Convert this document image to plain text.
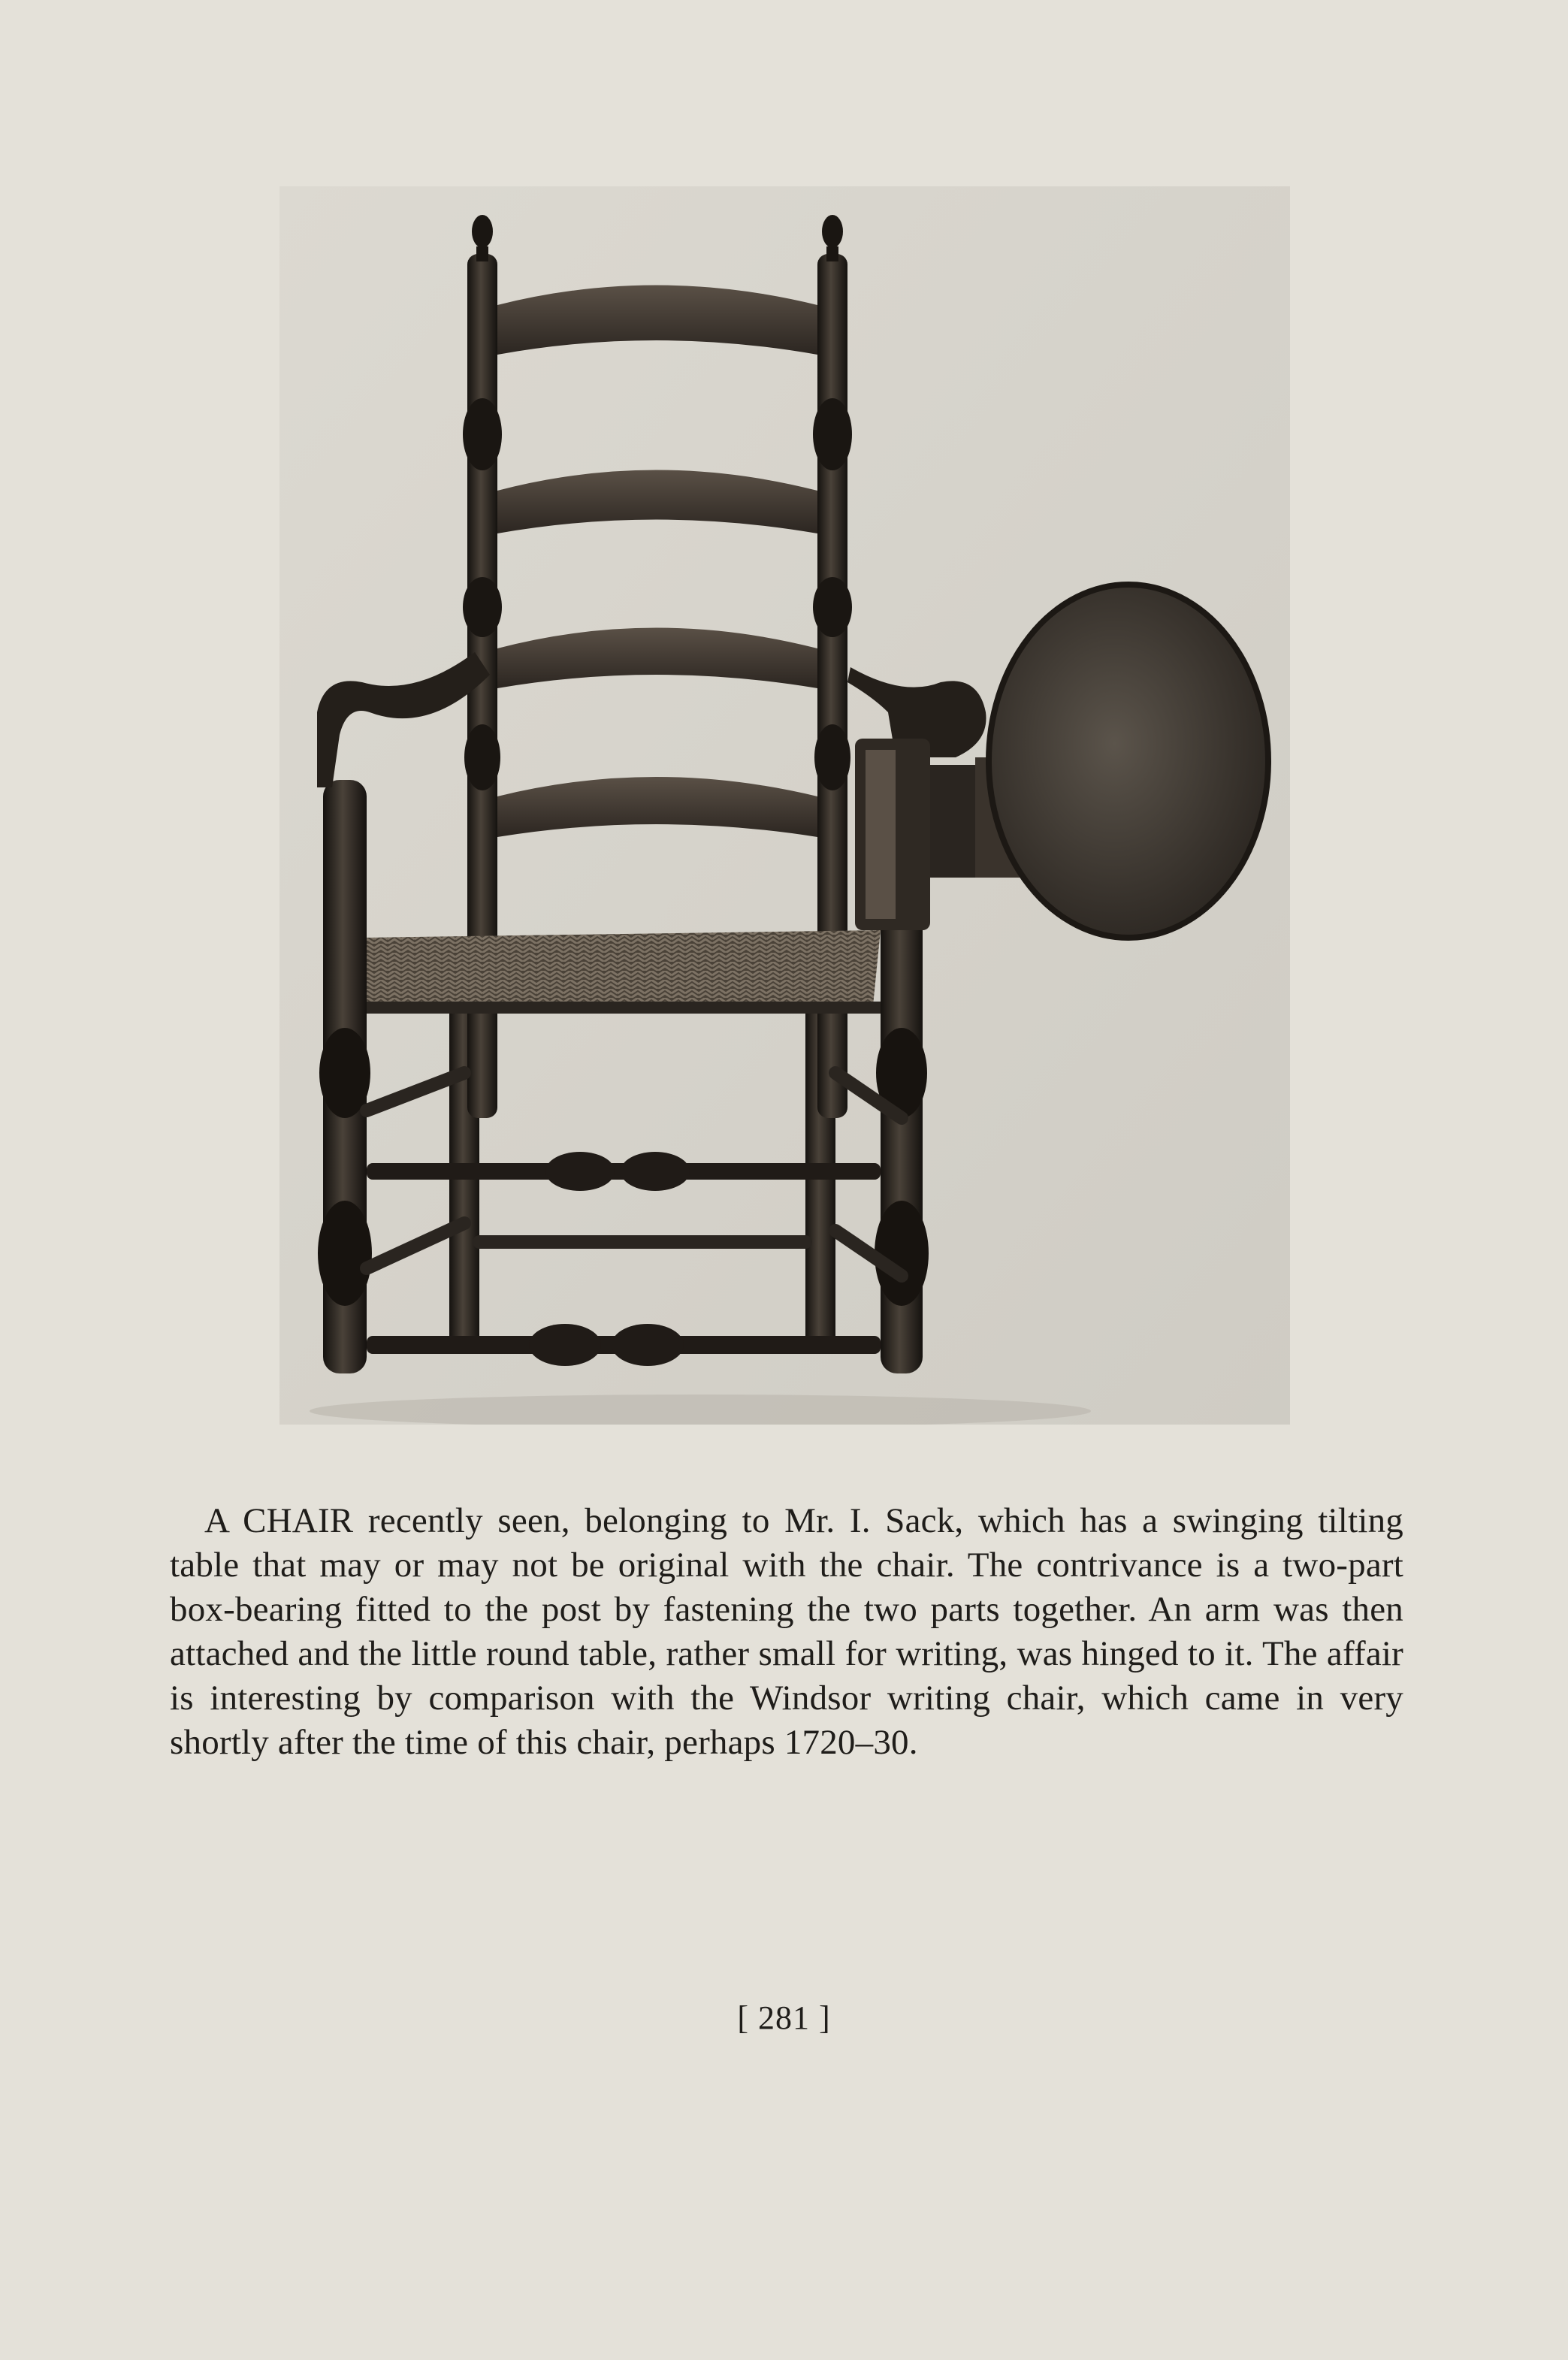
A CHAIR recently seen, belonging to Mr. I. Sack, which has a swinging tilting table that may or may not be original with the chair. The contrivance is a two-part box-bearing fitted to the post by fastening the two parts together. An arm was then attached and the little round table, rather small for writing, was hinged to it. The affair is interesting by comparison with the Windsor writing chair, which came in very shortly after the time of this chair, perhaps 1720–30.
[ 281 ]
